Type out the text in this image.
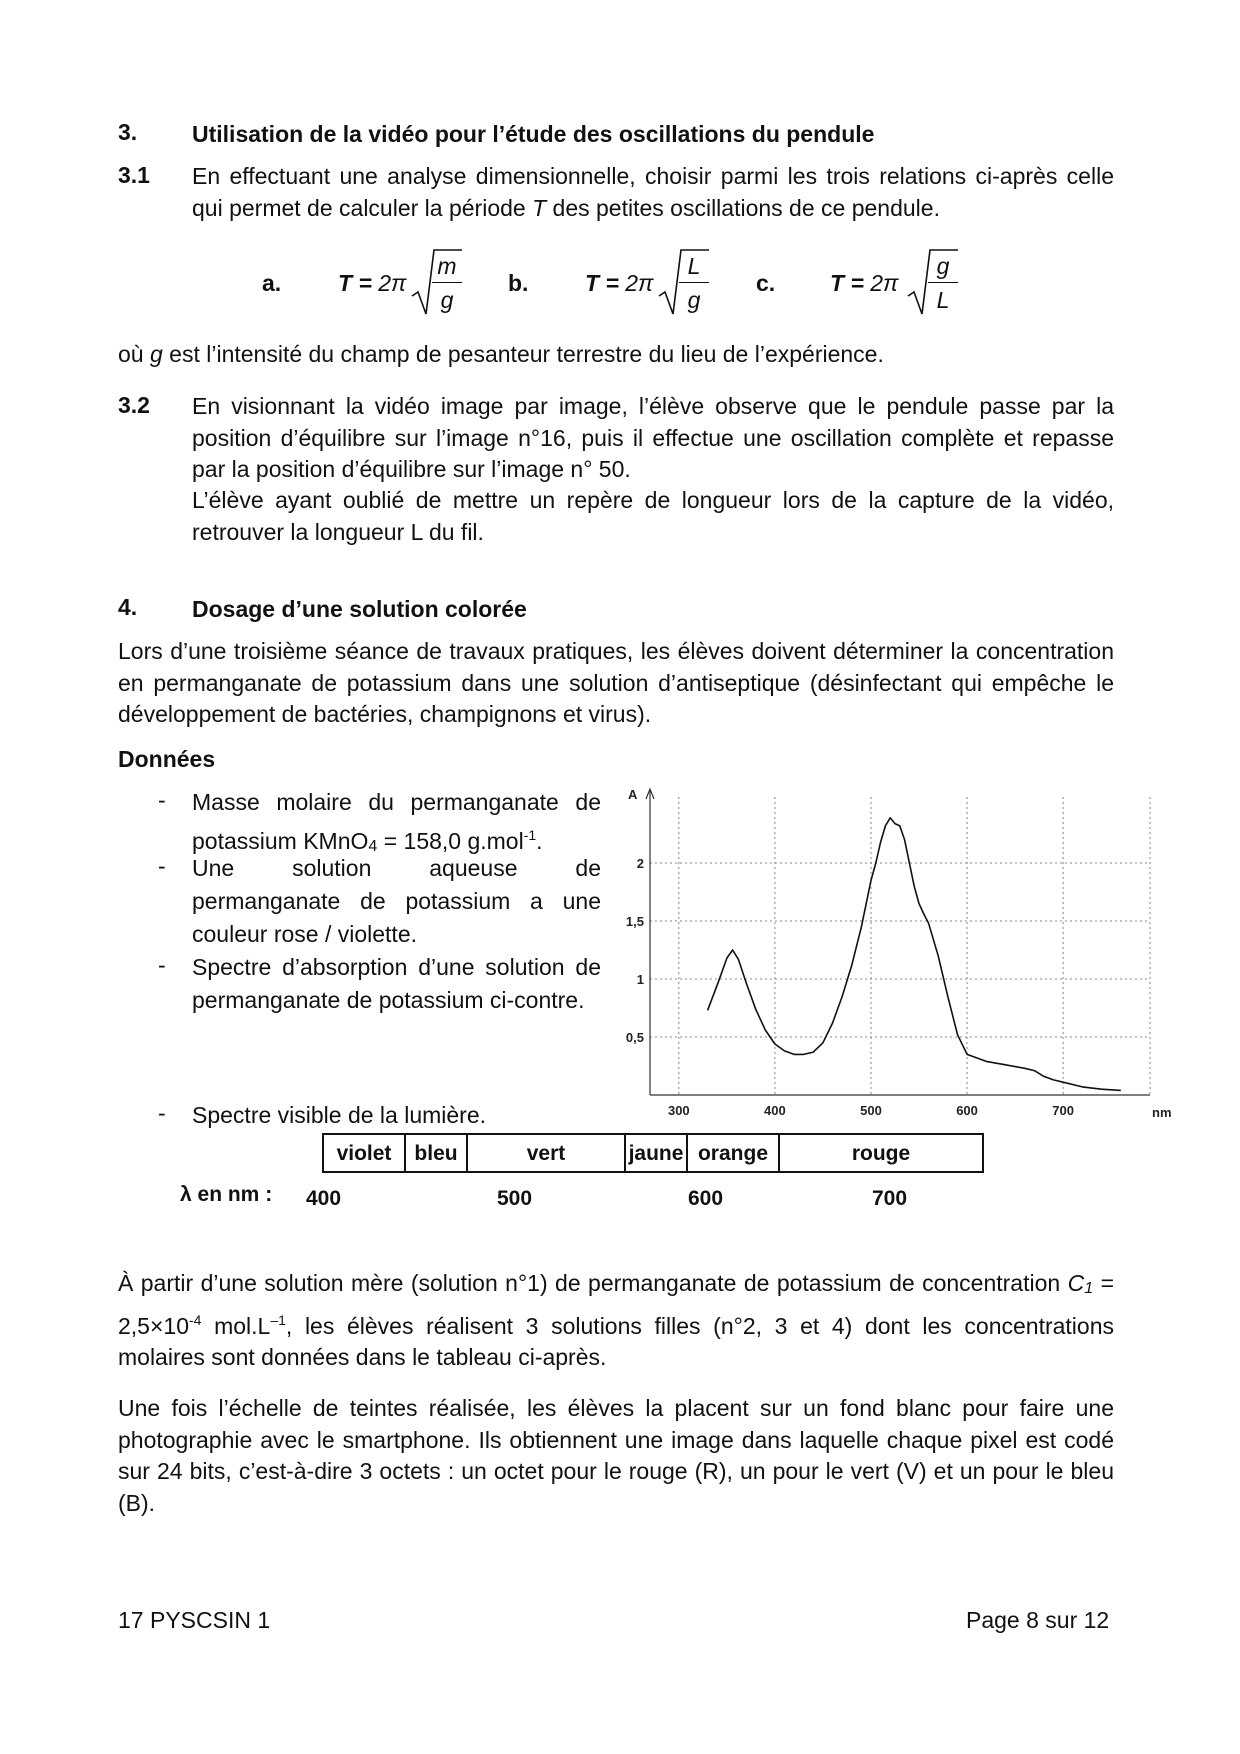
3. Utilisation de la vidéo pour l’étude des oscillations du pendule
3.1 En effectuant une analyse dimensionnelle, choisir parmi les trois relations ci-après celle qui permet de calculer la période T des petites oscillations de ce pendule.
a. $T = 2\pi \frac{m}{g} b$. $T = 2\pi \frac{L}{g} c$. $T = 2\pi \frac{g}{L}$
où g est l’intensité du champ de pesanteur terrestre du lieu de l’expérience.
3.2 En visionnant la vidéo image par image, l’élève observe que le pendule passe par la position d’équilibre sur l’image n°16, puis il effectue une oscillation complète et repasse par la position d’équilibre sur l’image n° 50.
L’élève ayant oublié de mettre un repère de longueur lors de la capture de la vidéo, retrouver la longueur L du fil.
4. Dosage d’une solution colorée
Lors d’une troisième séance de travaux pratiques, les élèves doivent déterminer la concentration en permanganate de potassium dans une solution d’antiseptique (désinfectant qui empêche le développement de bactéries, champignons et virus).
Données
- Masse molaire du permanganate de potassium KMnO$_4$ = 158,0 g.mol$^{-1}$.
- Une solution aqueuse de permanganate de potassium a une couleur rose / violette.
- Spectre d’absorption d’une solution de permanganate de potassium ci-contre.
- Spectre visible de la lumière.	300	400	500	600	700
0,5
1
1,5
2
A
nm
violet	bleu	vert	jaune orange	rouge
λ en nm : 400	500	600	700
À partir d’une solution mère (solution n°1) de permanganate de potassium de concentration $C_1 = 2,5\times 10^{-4}$ $mol.L^{-1}$, les élèves réalisent 3 solutions filles (n°2, 3 et 4) dont les concentrations molaires sont données dans le tableau ci-après.
Une fois l’échelle de teintes réalisée, les élèves la placent sur un fond blanc pour faire une photographie avec le smartphone. Ils obtiennent une image dans laquelle chaque pixel est codé sur 24 bits, c’est-à-dire 3 octets : un octet pour le rouge (R), un pour le vert (V) et un pour le bleu (B).
17 PYSCSIN 1	Page 8 sur 12
